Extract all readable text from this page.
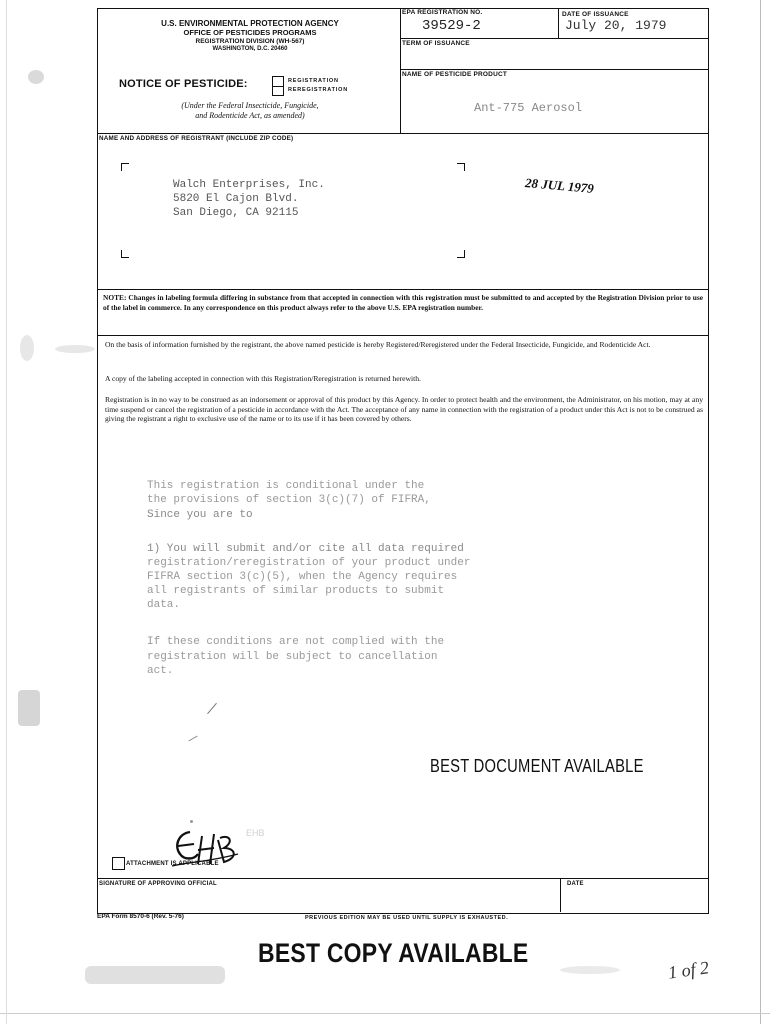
U.S. ENVIRONMENTAL PROTECTION AGENCY
OFFICE OF PESTICIDES PROGRAMS
REGISTRATION DIVISION (WH-567)
WASHINGTON, D.C. 20460
NOTICE OF PESTICIDE:	REGISTRATION
REREGISTRATION
(Under the Federal Insecticide, Fungicide,
and Rodenticide Act, as amended)
EPA REGISTRATION NO.
39529-2
DATE OF ISSUANCE
July 20, 1979
TERM OF ISSUANCE
NAME OF PESTICIDE PRODUCT
Ant-775 Aerosol
NAME AND ADDRESS OF REGISTRANT (INCLUDE ZIP CODE)
Walch Enterprises, Inc.
5820 El Cajon Blvd.
San Diego, CA 92115
28 JUL 1979
NOTE: Changes in labeling formula differing in substance from that accepted in connection with this registration must be submitted to and accepted by the Registration Division prior to use of the label in commerce. In any correspondence on this product always refer to the above U.S. EPA registration number.
On the basis of information furnished by the registrant, the above named pesticide is hereby Registered/Reregistered under the Federal Insecticide, Fungicide, and Rodenticide Act.
A copy of the labeling accepted in connection with this Registration/Reregistration is returned herewith.
Registration is in no way to be construed as an indorsement or approval of this product by this Agency. In order to protect health and the environment, the Administrator, on his motion, may at any time suspend or cancel the registration of a pesticide in accordance with the Act. The acceptance of any name in connection with the registration of a product under this Act is not to be construed as giving the registrant a right to exclusive use of the name or to its use if it has been covered by others.
This registration is conditional under the
the provisions of section 3(c)(7) of FIFRA,
Since you are to
1) You will submit and/or cite all data required
registration/reregistration of your product under
FIFRA section 3(c)(5), when the Agency requires
all registrants of similar products to submit
data.
If these conditions are not complied with the
registration will be subject to cancellation
act.
BEST DOCUMENT AVAILABLE
EHB
ATTACHMENT IS APPLICABLE
SIGNATURE OF APPROVING OFFICIAL	DATE
EPA Form 8570-6 (Rev. 5-76)	PREVIOUS EDITION MAY BE USED UNTIL SUPPLY IS EXHAUSTED.
BEST COPY AVAILABLE
1 of 2
